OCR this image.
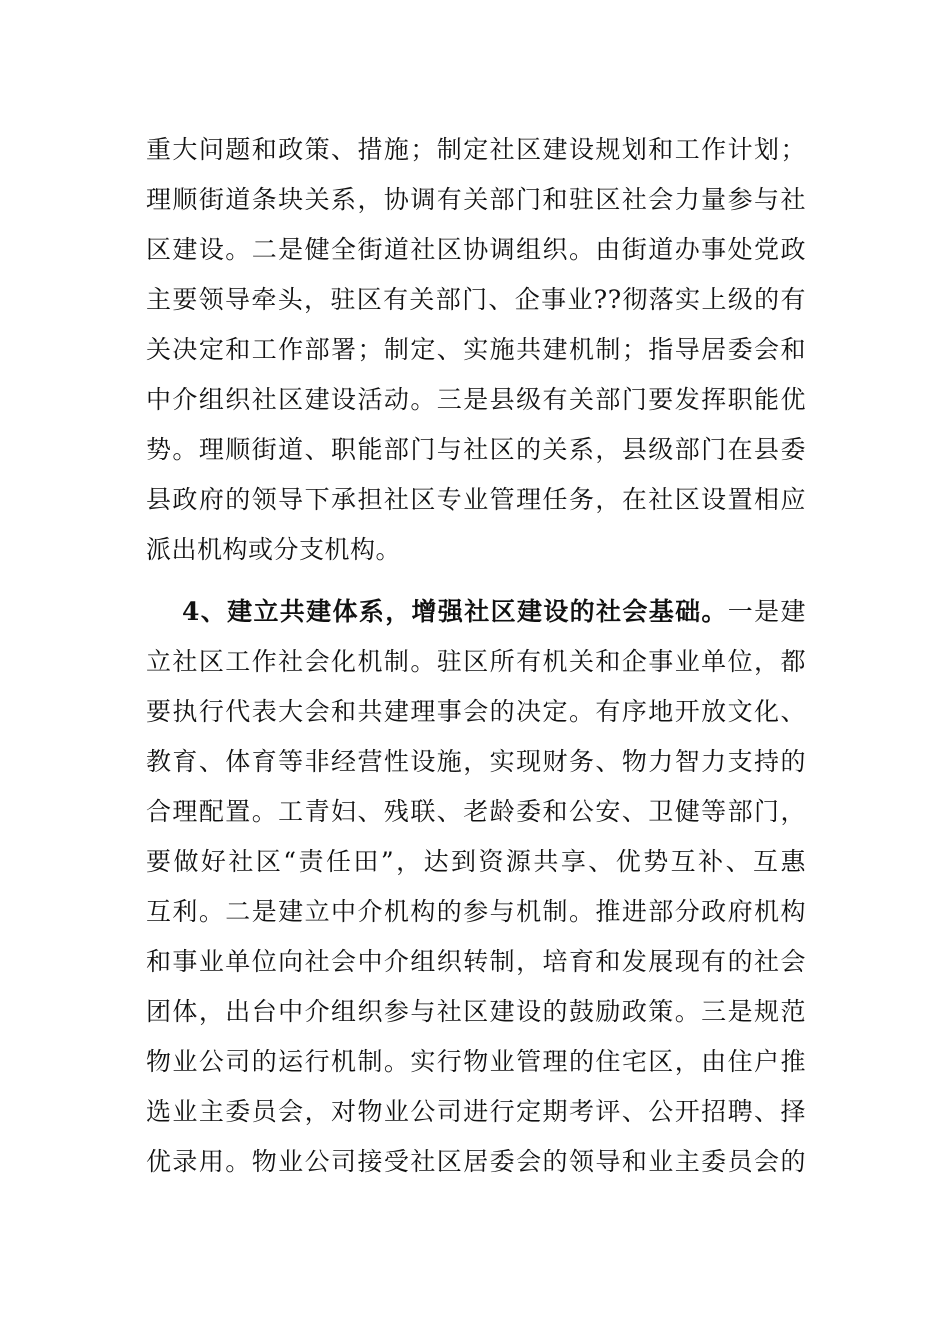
重大问题和政策、措施；制定社区建设规划和工作计划；
理顺街道条块关系，协调有关部门和驻区社会力量参与社
区建设。二是健全街道社区协调组织。由街道办事处党政
主要领导牵头，驻区有关部门、企事业??彻落实上级的有
关决定和工作部署；制定、实施共建机制；指导居委会和
中介组织社区建设活动。三是县级有关部门要发挥职能优
势。理顺街道、职能部门与社区的关系，县级部门在县委
县政府的领导下承担社区专业管理任务，在社区设置相应
派出机构或分支机构。
4、建立共建体系，增强社区建设的社会基础。一是建
立社区工作社会化机制。驻区所有机关和企事业单位，都
要执行代表大会和共建理事会的决定。有序地开放文化、
教育、体育等非经营性设施，实现财务、物力智力支持的
合理配置。工青妇、残联、老龄委和公安、卫健等部门，
要做好社区“责任田”，达到资源共享、优势互补、互惠
互利。二是建立中介机构的参与机制。推进部分政府机构
和事业单位向社会中介组织转制，培育和发展现有的社会
团体，出台中介组织参与社区建设的鼓励政策。三是规范
物业公司的运行机制。实行物业管理的住宅区，由住户推
选业主委员会，对物业公司进行定期考评、公开招聘、择
优录用。物业公司接受社区居委会的领导和业主委员会的
